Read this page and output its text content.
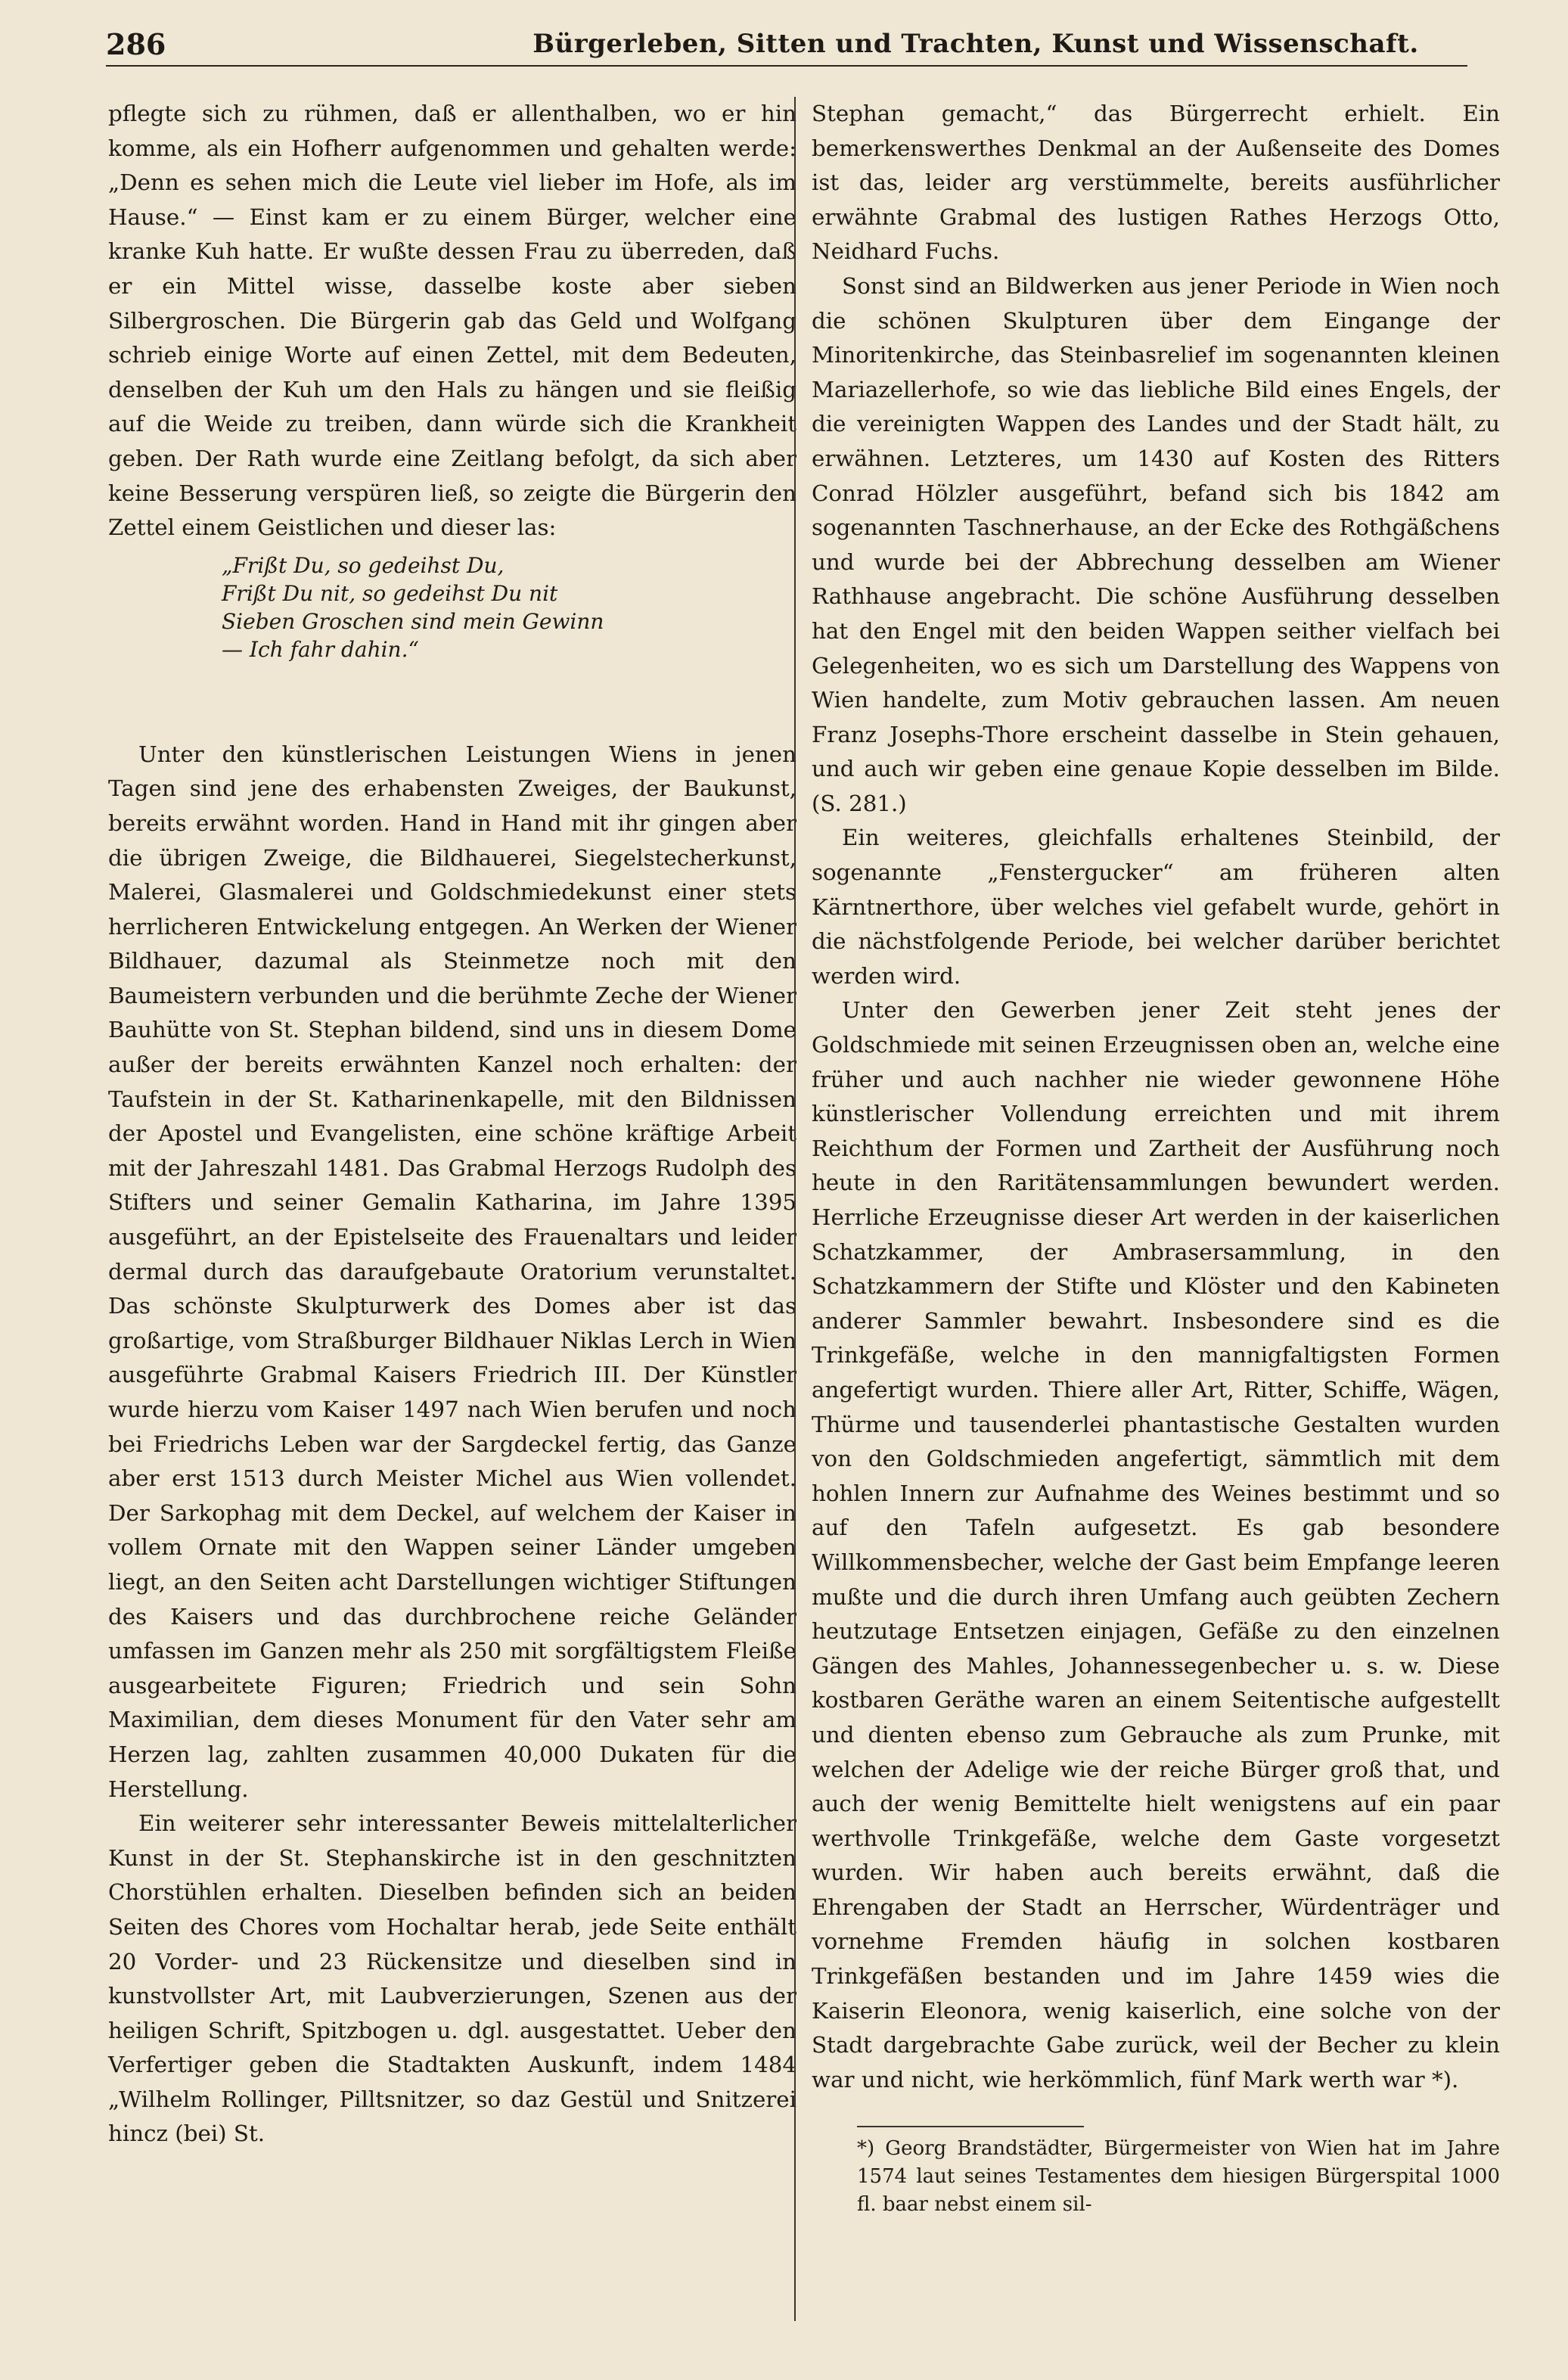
286	Bürgerleben, Sitten und Trachten, Kunst und Wissenschaft.

pflegte sich zu rühmen, daß er allenthalben, wo er hin komme, als ein Hofherr aufgenommen und gehalten werde: „Denn es sehen mich die Leute viel lieber im Hofe, als im Hause.“ — Einst kam er zu einem Bürger, welcher eine kranke Kuh hatte. Er wußte dessen Frau zu überreden, daß er ein Mittel wisse, dasselbe koste aber sieben Silbergroschen. Die Bürgerin gab das Geld und Wolfgang schrieb einige Worte auf einen Zettel, mit dem Bedeuten, denselben der Kuh um den Hals zu hängen und sie fleißig auf die Weide zu treiben, dann würde sich die Krankheit geben. Der Rath wurde eine Zeitlang befolgt, da sich aber keine Besserung verspüren ließ, so zeigte die Bürgerin den Zettel einem Geistlichen und dieser las:

„Frißt Du, so gedeihst Du,
Frißt Du nit, so gedeihst Du nit
Sieben Groschen sind mein Gewinn
— Ich fahr dahin.“

Unter den künstlerischen Leistungen Wiens in jenen Tagen sind jene des erhabensten Zweiges, der Baukunst, bereits erwähnt worden. Hand in Hand mit ihr gingen aber die übrigen Zweige, die Bildhauerei, Siegelstecherkunst, Malerei, Glasmalerei und Goldschmiedekunst einer stets herrlicheren Entwickelung entgegen. An Werken der Wiener Bildhauer, dazumal als Steinmetze noch mit den Baumeistern verbunden und die berühmte Zeche der Wiener Bauhütte von St. Stephan bildend, sind uns in diesem Dome außer der bereits erwähnten Kanzel noch erhalten: der Taufstein in der St. Katharinenkapelle, mit den Bildnissen der Apostel und Evangelisten, eine schöne kräftige Arbeit mit der Jahreszahl 1481. Das Grabmal Herzogs Rudolph des Stifters und seiner Gemalin Katharina, im Jahre 1395 ausgeführt, an der Epistelseite des Frauenaltars und leider dermal durch das daraufgebaute Oratorium verunstaltet. Das schönste Skulpturwerk des Domes aber ist das großartige, vom Straßburger Bildhauer Niklas Lerch in Wien ausgeführte Grabmal Kaisers Friedrich III. Der Künstler wurde hierzu vom Kaiser 1497 nach Wien berufen und noch bei Friedrichs Leben war der Sargdeckel fertig, das Ganze aber erst 1513 durch Meister Michel aus Wien vollendet. Der Sarkophag mit dem Deckel, auf welchem der Kaiser in vollem Ornate mit den Wappen seiner Länder umgeben liegt, an den Seiten acht Darstellungen wichtiger Stiftungen des Kaisers und das durchbrochene reiche Geländer umfassen im Ganzen mehr als 250 mit sorgfältigstem Fleiße ausgearbeitete Figuren; Friedrich und sein Sohn Maximilian, dem dieses Monument für den Vater sehr am Herzen lag, zahlten zusammen 40,000 Dukaten für die Herstellung.

Ein weiterer sehr interessanter Beweis mittelalterlicher Kunst in der St. Stephanskirche ist in den geschnitzten Chorstühlen erhalten. Dieselben befinden sich an beiden Seiten des Chores vom Hochaltar herab, jede Seite enthält 20 Vorder- und 23 Rückensitze und dieselben sind in kunstvollster Art, mit Laubverzierungen, Szenen aus der heiligen Schrift, Spitzbogen u. dgl. ausgestattet. Ueber den Verfertiger geben die Stadtakten Auskunft, indem 1484 „Wilhelm Rollinger, Pilltsnitzer, so daz Gestül und Snitzerei hincz (bei) St.

Stephan gemacht,“ das Bürgerrecht erhielt. Ein bemerkenswerthes Denkmal an der Außenseite des Domes ist das, leider arg verstümmelte, bereits ausführlicher erwähnte Grabmal des lustigen Rathes Herzogs Otto, Neidhard Fuchs.

Sonst sind an Bildwerken aus jener Periode in Wien noch die schönen Skulpturen über dem Eingange der Minoritenkirche, das Steinbasrelief im sogenannten kleinen Mariazellerhofe, so wie das liebliche Bild eines Engels, der die vereinigten Wappen des Landes und der Stadt hält, zu erwähnen. Letzteres, um 1430 auf Kosten des Ritters Conrad Hölzler ausgeführt, befand sich bis 1842 am sogenannten Taschnerhause, an der Ecke des Rothgäßchens und wurde bei der Abbrechung desselben am Wiener Rathhause angebracht. Die schöne Ausführung desselben hat den Engel mit den beiden Wappen seither vielfach bei Gelegenheiten, wo es sich um Darstellung des Wappens von Wien handelte, zum Motiv gebrauchen lassen. Am neuen Franz Josephs-Thore erscheint dasselbe in Stein gehauen, und auch wir geben eine genaue Kopie desselben im Bilde. (S. 281.)

Ein weiteres, gleichfalls erhaltenes Steinbild, der sogenannte „Fenstergucker“ am früheren alten Kärntnerthore, über welches viel gefabelt wurde, gehört in die nächstfolgende Periode, bei welcher darüber berichtet werden wird.

Unter den Gewerben jener Zeit steht jenes der Goldschmiede mit seinen Erzeugnissen oben an, welche eine früher und auch nachher nie wieder gewonnene Höhe künstlerischer Vollendung erreichten und mit ihrem Reichthum der Formen und Zartheit der Ausführung noch heute in den Raritätensammlungen bewundert werden. Herrliche Erzeugnisse dieser Art werden in der kaiserlichen Schatzkammer, der Ambrasersammlung, in den Schatzkammern der Stifte und Klöster und den Kabineten anderer Sammler bewahrt. Insbesondere sind es die Trinkgefäße, welche in den mannigfaltigsten Formen angefertigt wurden. Thiere aller Art, Ritter, Schiffe, Wägen, Thürme und tausenderlei phantastische Gestalten wurden von den Goldschmieden angefertigt, sämmtlich mit dem hohlen Innern zur Aufnahme des Weines bestimmt und so auf den Tafeln aufgesetzt. Es gab besondere Willkommensbecher, welche der Gast beim Empfange leeren mußte und die durch ihren Umfang auch geübten Zechern heutzutage Entsetzen einjagen, Gefäße zu den einzelnen Gängen des Mahles, Johannessegenbecher u. s. w. Diese kostbaren Geräthe waren an einem Seitentische aufgestellt und dienten ebenso zum Gebrauche als zum Prunke, mit welchen der Adelige wie der reiche Bürger groß that, und auch der wenig Bemittelte hielt wenigstens auf ein paar werthvolle Trinkgefäße, welche dem Gaste vorgesetzt wurden. Wir haben auch bereits erwähnt, daß die Ehrengaben der Stadt an Herrscher, Würdenträger und vornehme Fremden häufig in solchen kostbaren Trinkgefäßen bestanden und im Jahre 1459 wies die Kaiserin Eleonora, wenig kaiserlich, eine solche von der Stadt dargebrachte Gabe zurück, weil der Becher zu klein war und nicht, wie herkömmlich, fünf Mark werth war *).

*) Georg Brandstädter, Bürgermeister von Wien hat im Jahre 1574 laut seines Testamentes dem hiesigen Bürgerspital 1000 fl. baar nebst einem sil-
